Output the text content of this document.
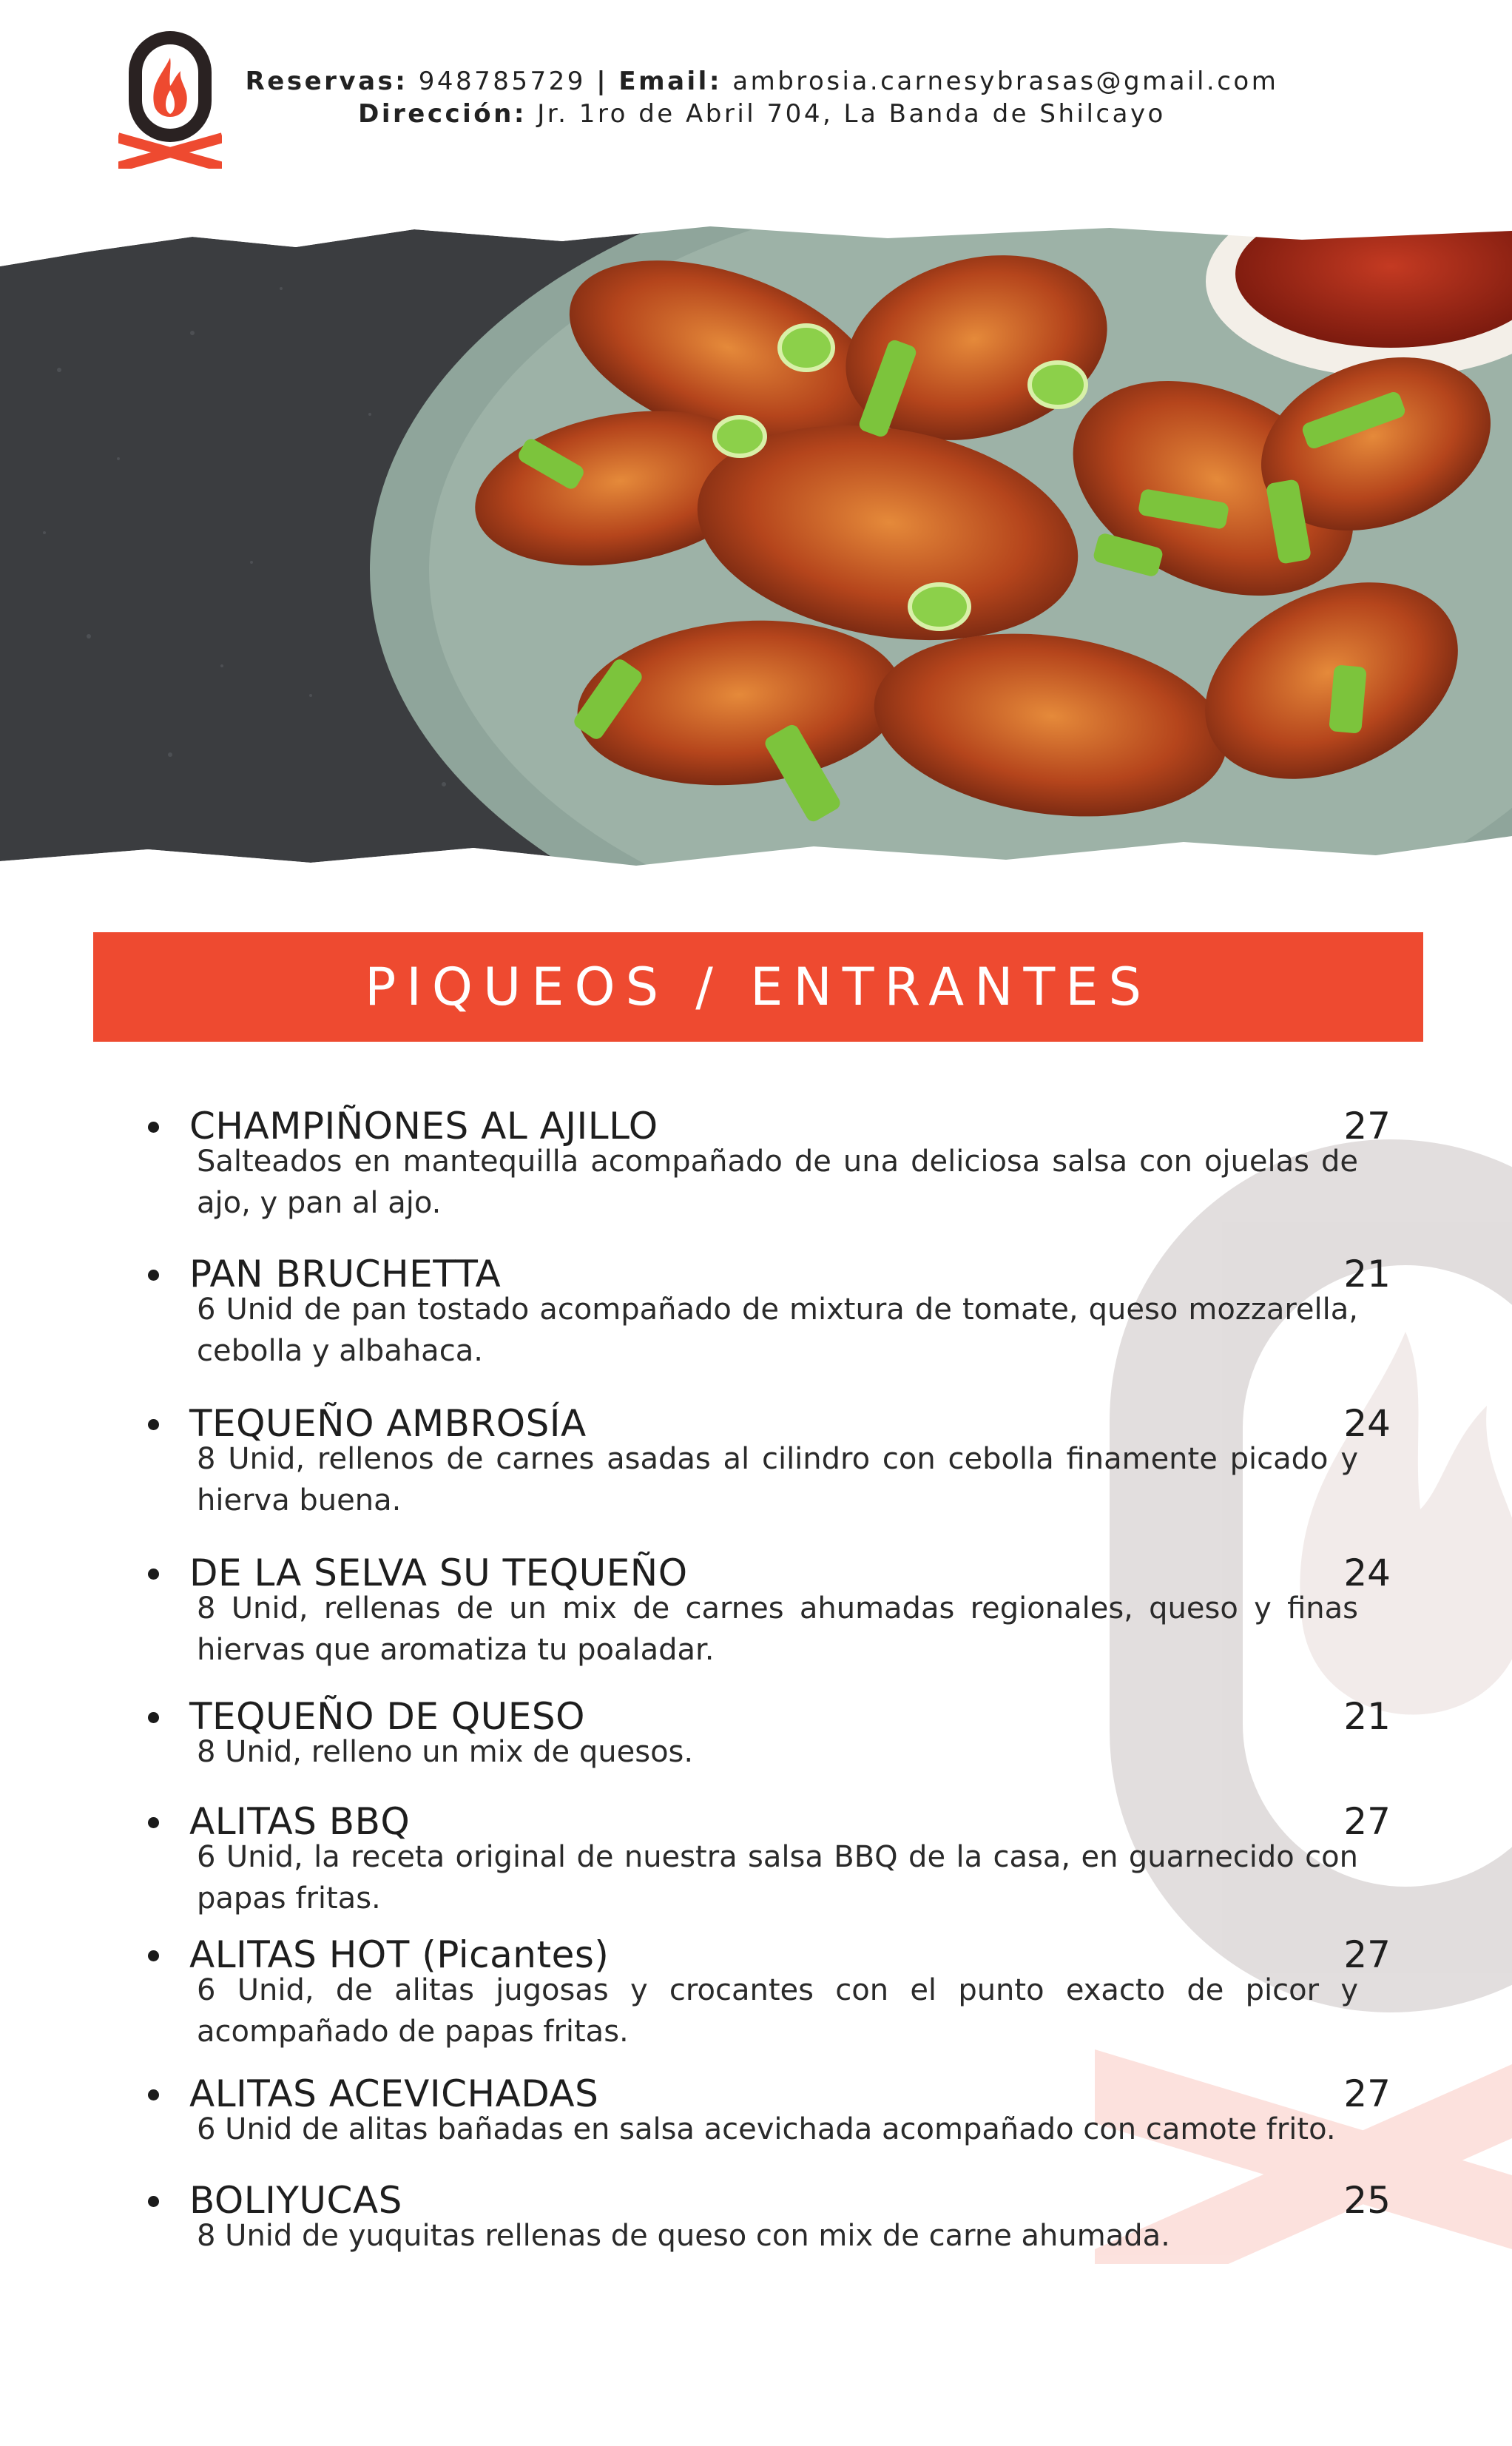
Reservas: 948785729 | Email: ambrosia.carnesybrasas@gmail.com
Dirección: Jr. 1ro de Abril 704, La Banda de Shilcayo
PIQUEOS / ENTRANTES
CHAMPIÑONES AL AJILLO	27
Salteados en mantequilla acompañado de una deliciosa salsa con ojuelas de ajo, y pan al ajo.
PAN BRUCHETTA	21
6 Unid de pan tostado acompañado de mixtura de tomate, queso mozzarella, cebolla y albahaca.
TEQUEÑO AMBROSÍA	24
8 Unid, rellenos de carnes asadas al cilindro con cebolla finamente picado y hierva buena.
DE LA SELVA SU TEQUEÑO	24
8 Unid, rellenas de un mix de carnes ahumadas regionales, queso y finas hiervas que aromatiza tu poaladar.
TEQUEÑO DE QUESO	21
8 Unid, relleno un mix de quesos.
ALITAS BBQ	27
6 Unid, la receta original de nuestra salsa BBQ de la casa, en guarnecido con papas fritas.
ALITAS HOT (Picantes)	27
6 Unid, de alitas jugosas y crocantes con el punto exacto de picor y acompañado de papas fritas.
ALITAS ACEVICHADAS	27
6 Unid de alitas bañadas en salsa acevichada acompañado con camote frito.
BOLIYUCAS	25
8 Unid de yuquitas rellenas de queso con mix de carne ahumada.
